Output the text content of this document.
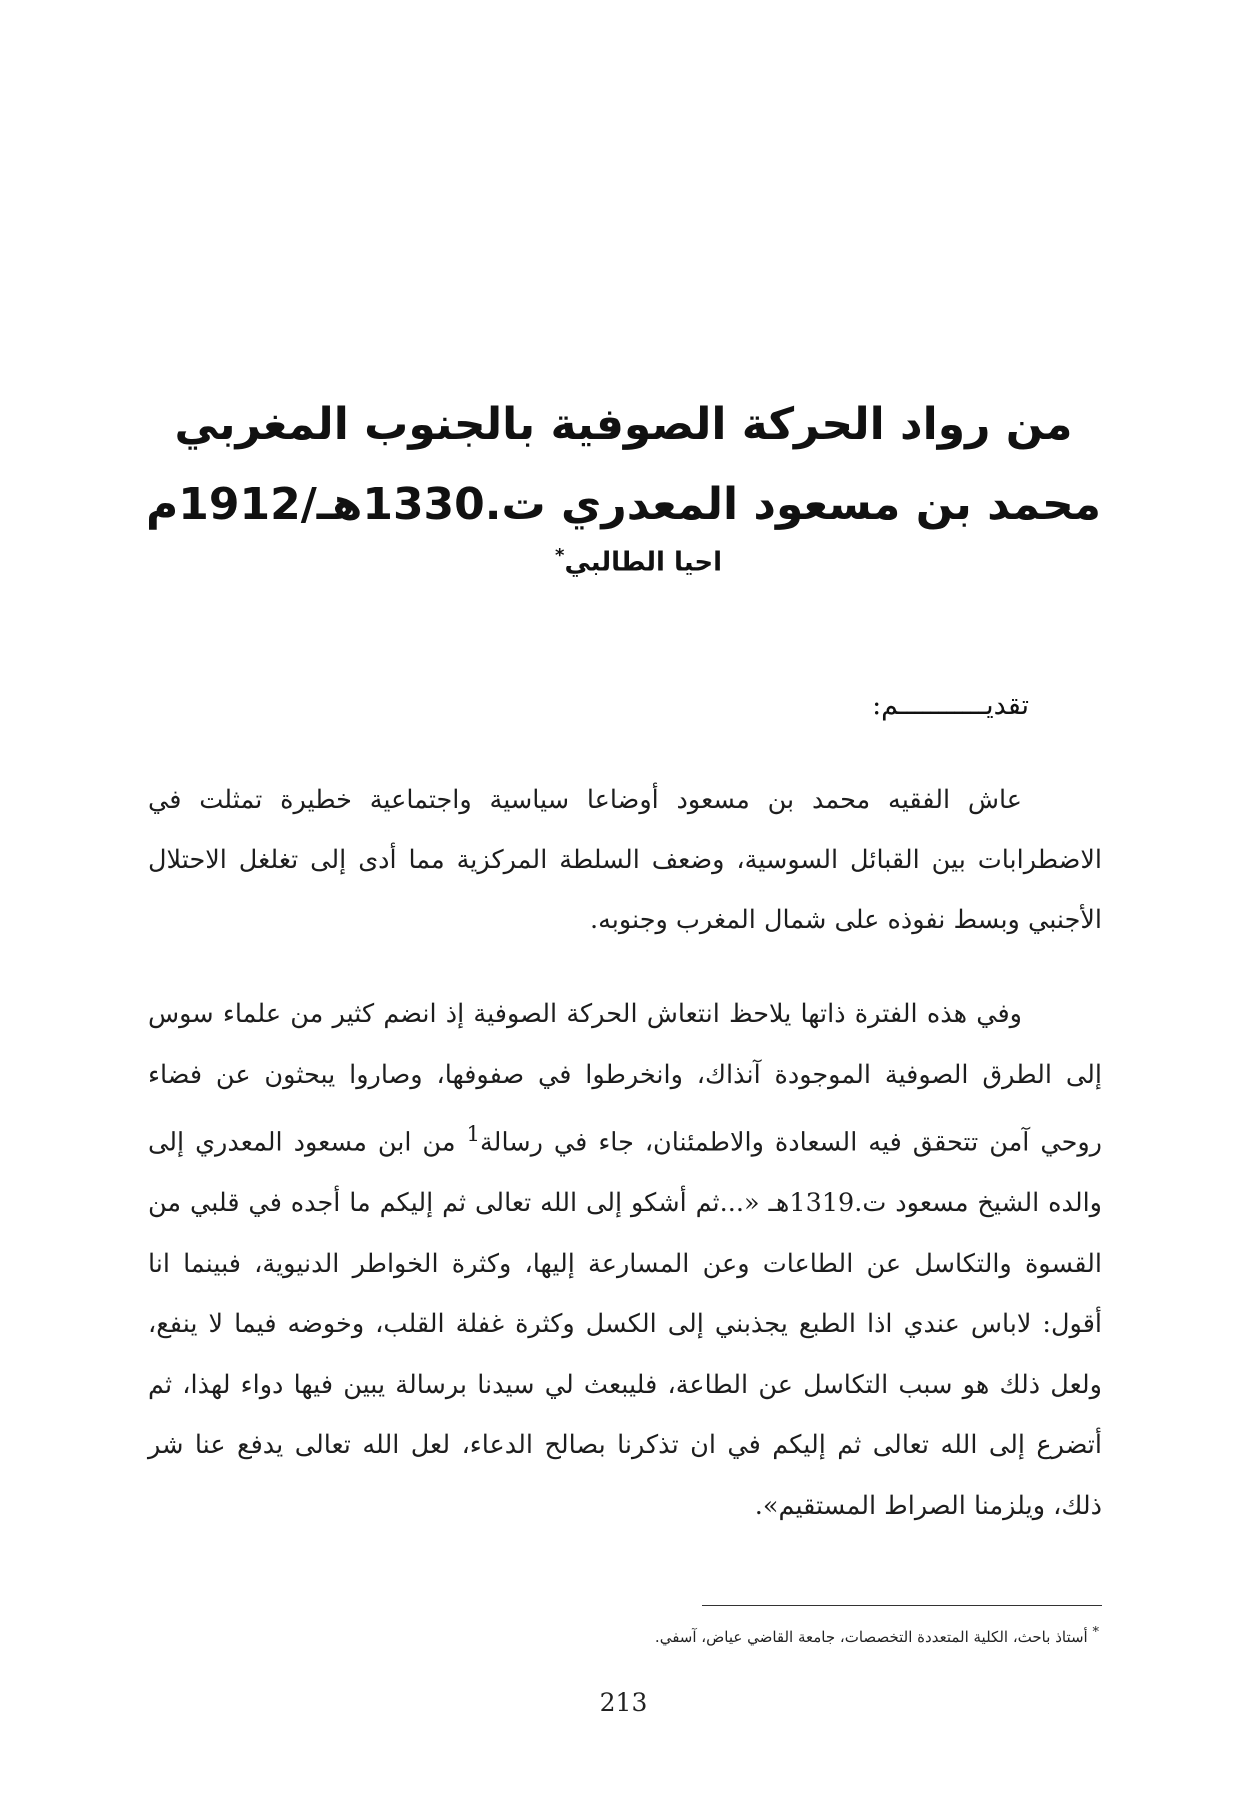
من رواد الحركة الصوفية بالجنوب المغربي
محمد بن مسعود المعدري ت.1330هـ/1912م
احيا الطالبي*
تقديـــــــــــم:

عاش الفقيه محمد بن مسعود أوضاعا سياسية واجتماعية خطيرة تمثلت في الاضطرابات بين القبائل السوسية، وضعف السلطة المركزية مما أدى إلى تغلغل الاحتلال الأجنبي وبسط نفوذه على شمال المغرب وجنوبه.

وفي هذه الفترة ذاتها يلاحظ انتعاش الحركة الصوفية إذ انضم كثير من علماء سوس إلى الطرق الصوفية الموجودة آنذاك، وانخرطوا في صفوفها، وصاروا يبحثون عن فضاء روحي آمن تتحقق فيه السعادة والاطمئنان، جاء في رسالة$^1$ من ابن مسعود المعدري إلى والده الشيخ مسعود ت.1319هـ «...ثم أشكو إلى الله تعالى ثم إليكم ما أجده في قلبي من القسوة والتكاسل عن الطاعات وعن المسارعة إليها، وكثرة الخواطر الدنيوية، فبينما انا أقول: لاباس عندي اذا الطبع يجذبني إلى الكسل وكثرة غفلة القلب، وخوضه فيما لا ينفع، ولعل ذلك هو سبب التكاسل عن الطاعة، فليبعث لي سيدنا برسالة يبين فيها دواء لهذا، ثم أتضرع إلى الله تعالى ثم إليكم في ان تذكرنا بصالح الدعاء، لعل الله تعالى يدفع عنا شر ذلك، ويلزمنا الصراط المستقيم».

* أستاذ باحث، الكلية المتعددة التخصصات، جامعة القاضي عياض، آسفي.
213
